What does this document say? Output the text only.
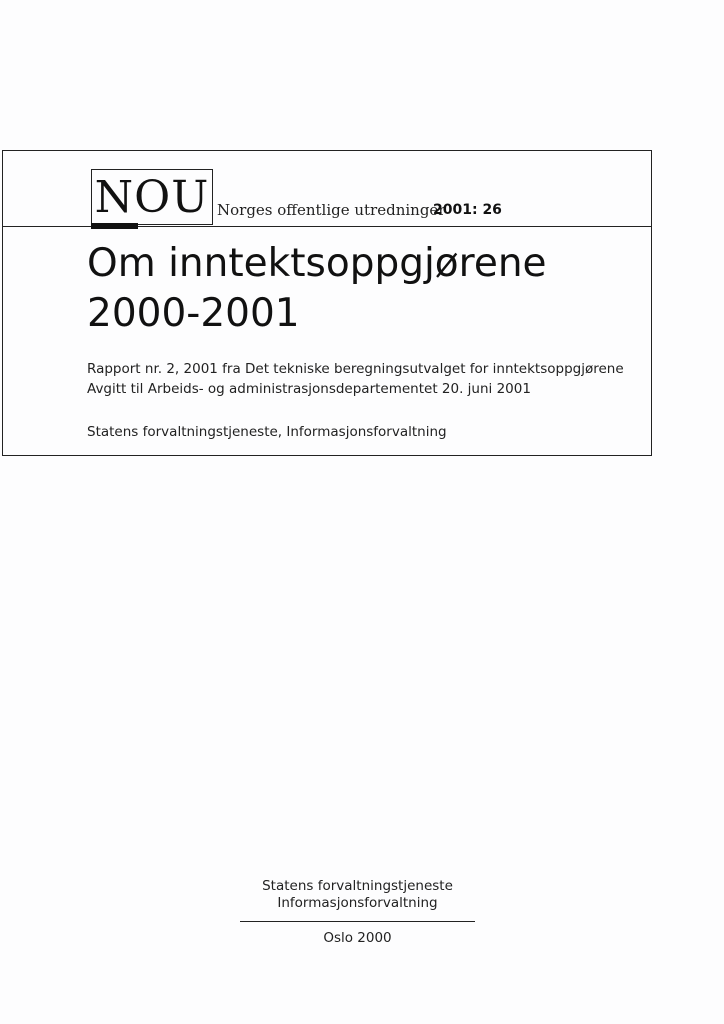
NOU Norges offentlige utredninger
2001: 26
Om inntektsoppgjørene 2000-2001
Rapport nr. 2, 2001 fra Det tekniske beregningsutvalget for inntektsoppgjørene
Avgitt til Arbeids- og administrasjonsdepartementet 20. juni 2001
Statens forvaltningstjeneste, Informasjonsforvaltning
Statens forvaltningstjeneste
Informasjonsforvaltning
Oslo 2000
